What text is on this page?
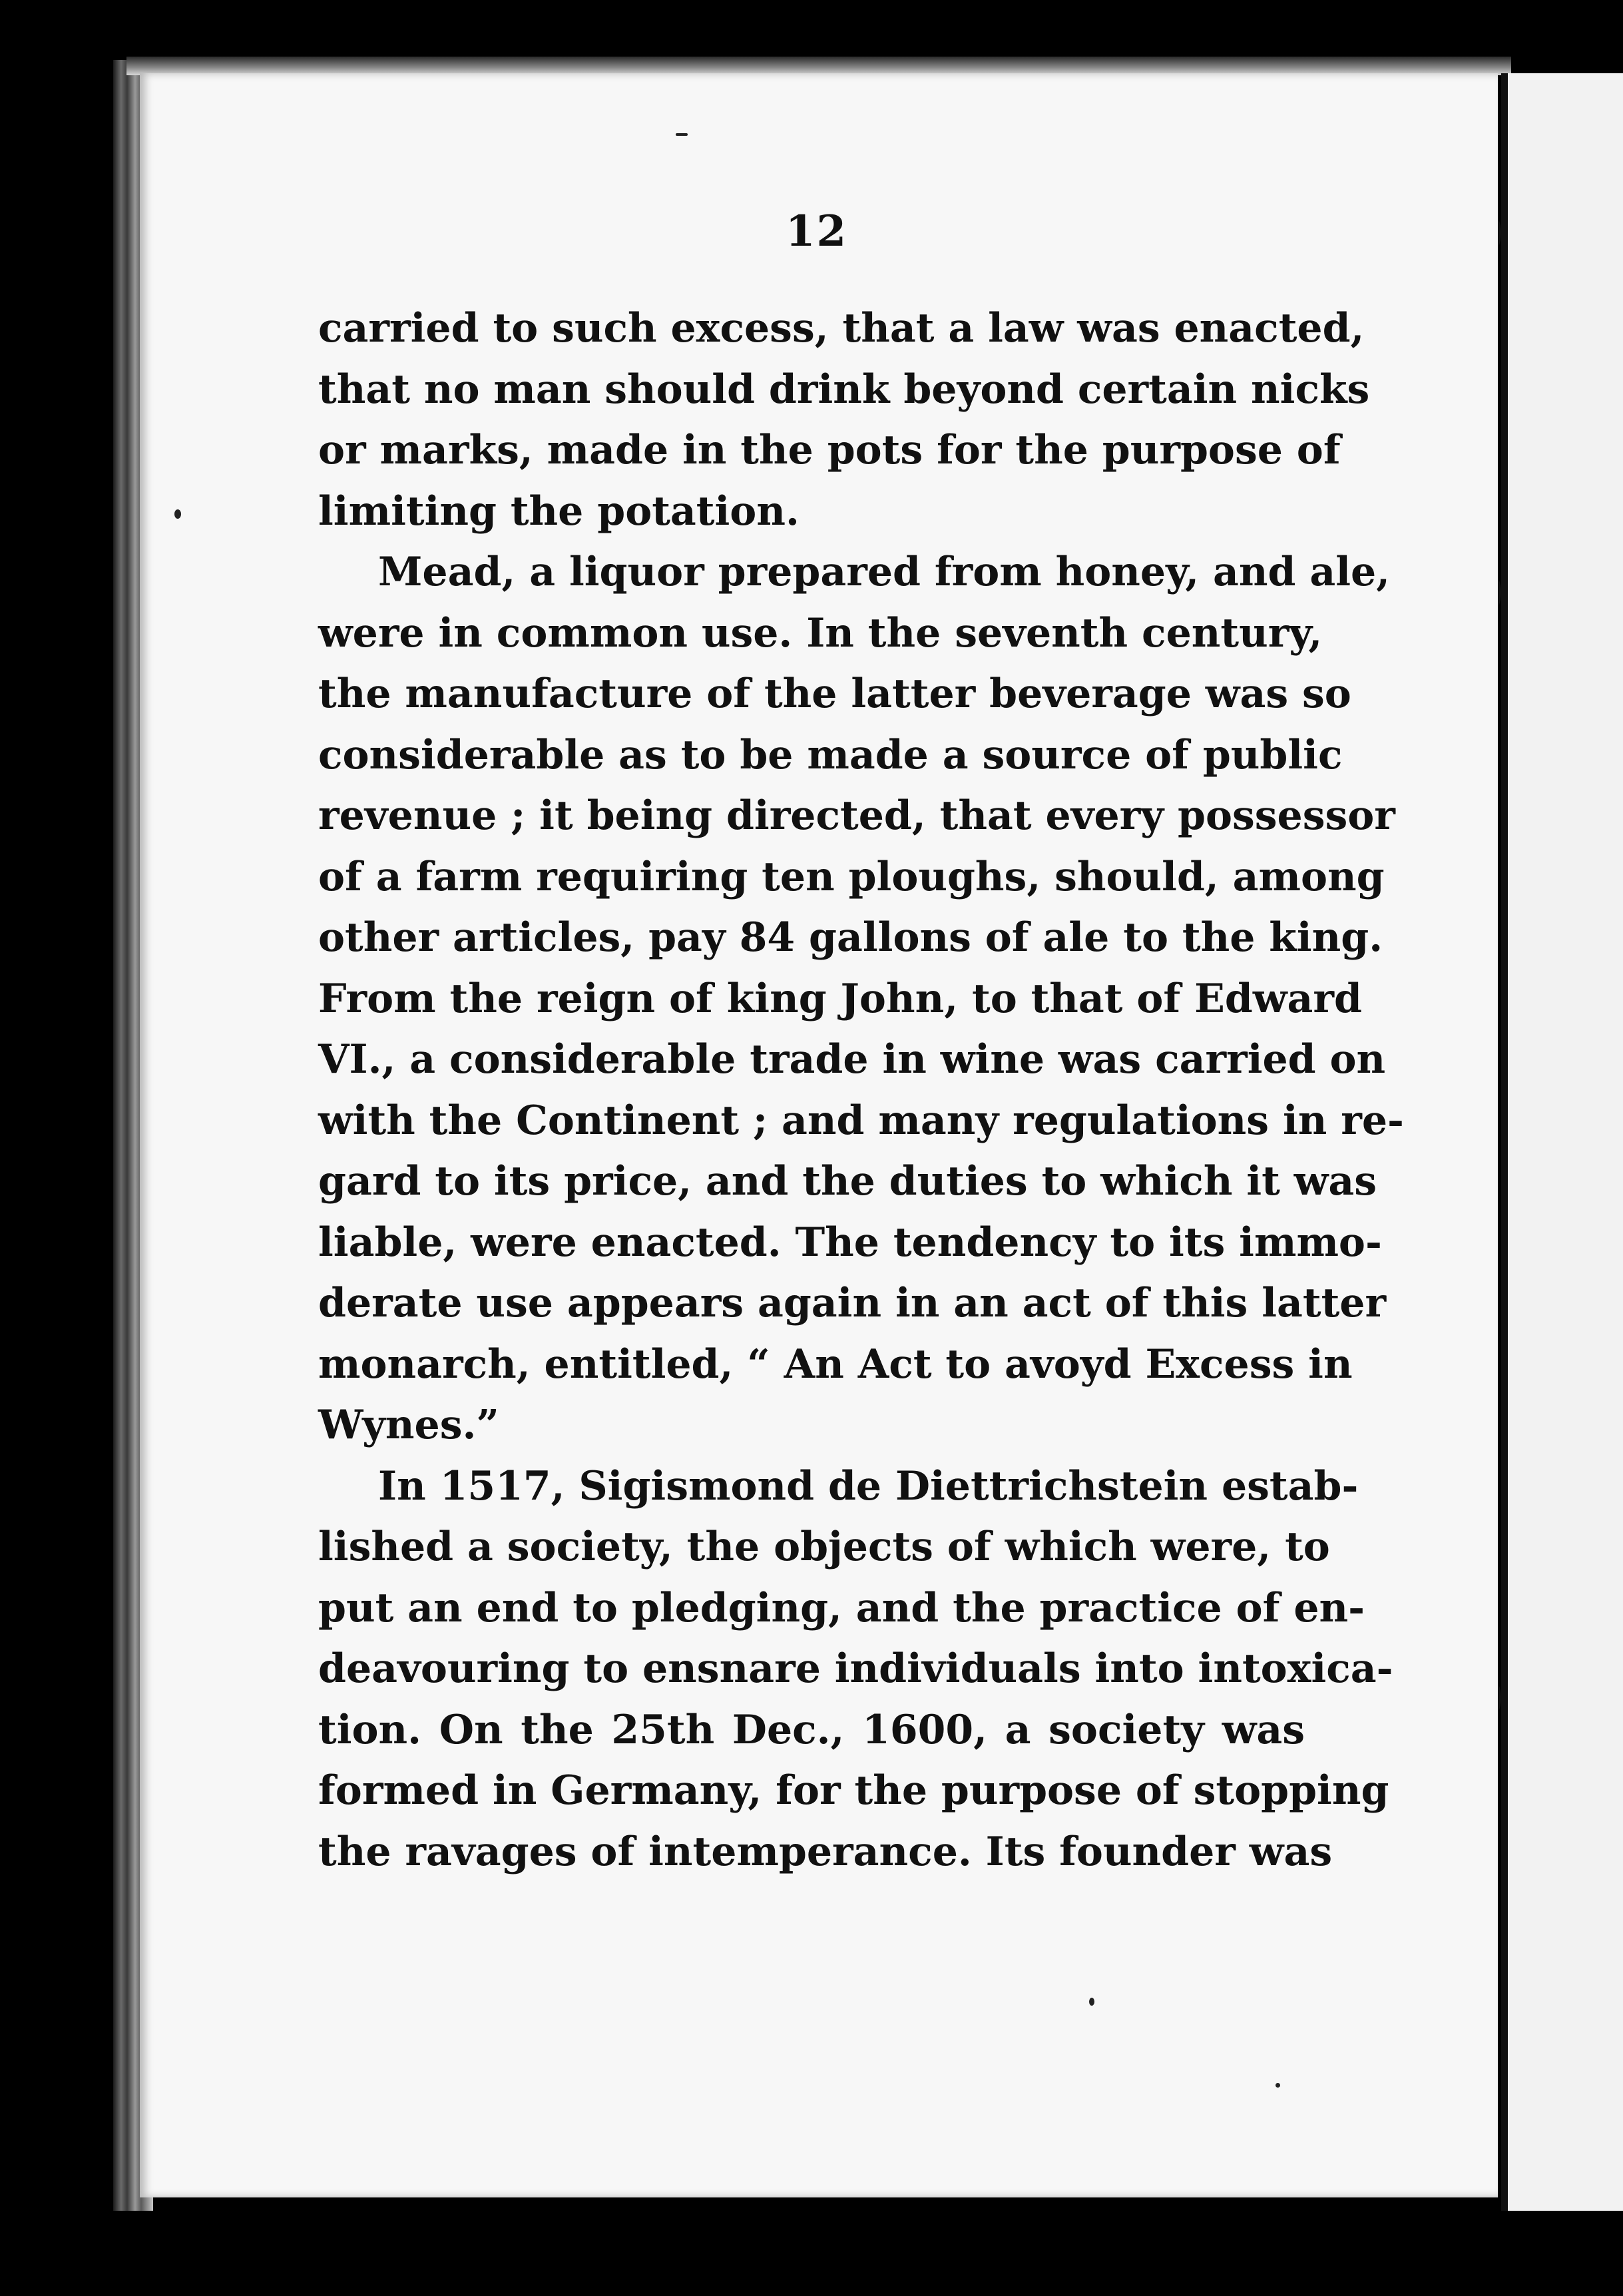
12
carried to such excess, that a law was enacted,
that no man should drink beyond certain nicks
or marks, made in the pots for the purpose of
limiting the potation.
Mead, a liquor prepared from honey, and ale,
were in common use. In the seventh century,
the manufacture of the latter beverage was so
considerable as to be made a source of public
revenue ; it being directed, that every possessor
of a farm requiring ten ploughs, should, among
other articles, pay 84 gallons of ale to the king.
From the reign of king John, to that of Edward
VI., a considerable trade in wine was carried on
with the Continent ; and many regulations in re-
gard to its price, and the duties to which it was
liable, were enacted. The tendency to its immo-
derate use appears again in an act of this latter
monarch, entitled, “ An Act to avoyd Excess in
Wynes.”
In 1517, Sigismond de Diettrichstein estab-
lished a society, the objects of which were, to
put an end to pledging, and the practice of en-
deavouring to ensnare individuals into intoxica-
tion. On the 25th Dec., 1600, a society was
formed in Germany, for the purpose of stopping
the ravages of intemperance. Its founder was
